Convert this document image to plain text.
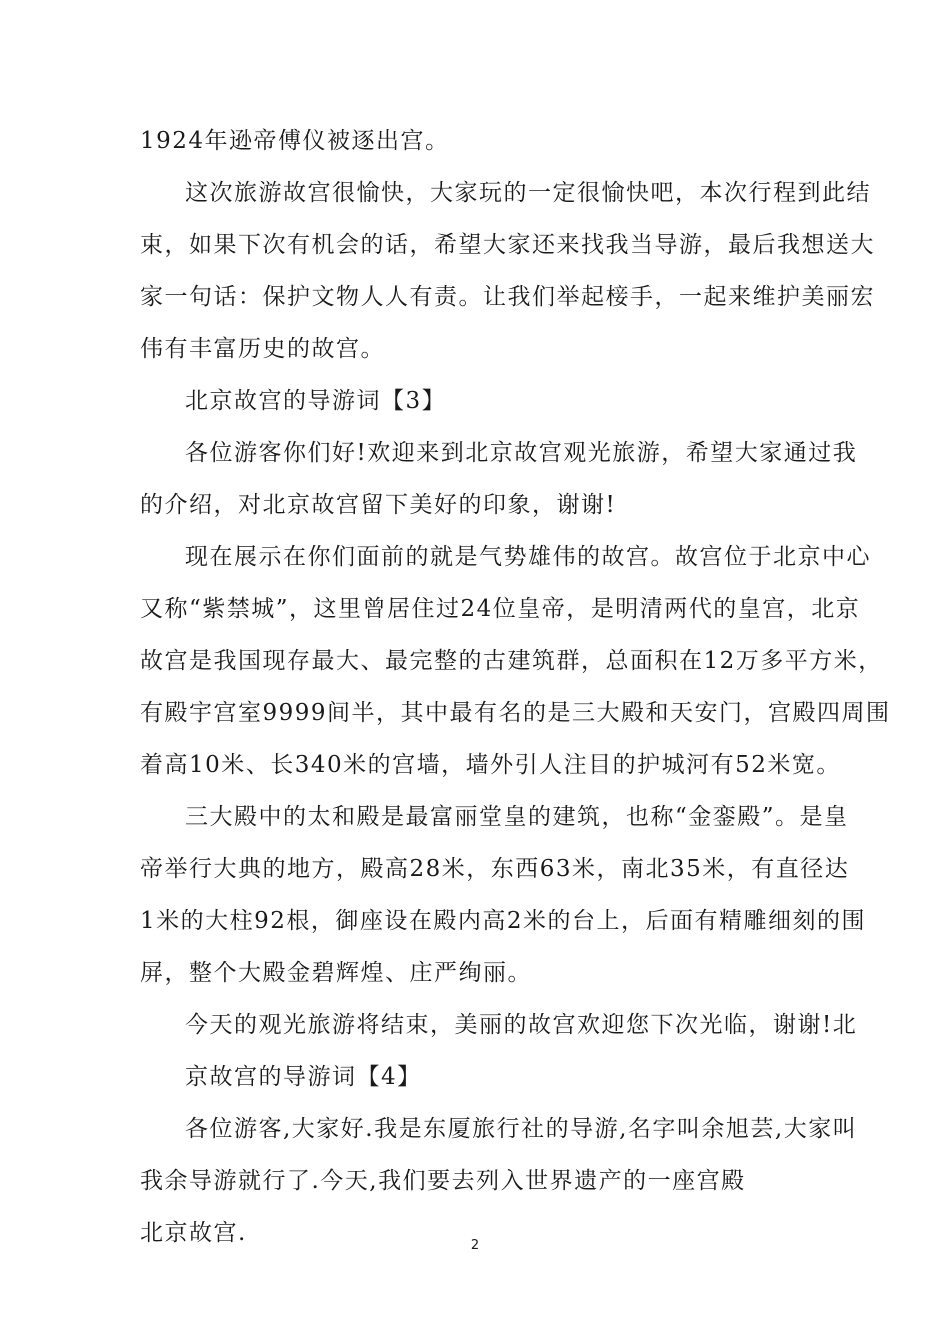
1924年逊帝傅仪被逐出宫。
这次旅游故宫很愉快，大家玩的一定很愉快吧，本次行程到此结
束，如果下次有机会的话，希望大家还来找我当导游，最后我想送大
家一句话：保护文物人人有责。让我们举起椄手，一起来维护美丽宏
伟有丰富历史的故宫。
北京故宫的导游词【3】
各位游客你们好!欢迎来到北京故宫观光旅游，希望大家通过我
的介绍，对北京故宫留下美好的印象，谢谢!
现在展示在你们面前的就是气势雄伟的故宫。故宫位于北京中心
又称“紫禁城”，这里曾居住过24位皇帝，是明清两代的皇宫，北京
故宫是我国现存最大、最完整的古建筑群，总面积在12万多平方米，
有殿宇宫室9999间半，其中最有名的是三大殿和天安门，宫殿四周围
着高10米、长340米的宫墙，墙外引人注目的护城河有52米宽。
三大殿中的太和殿是最富丽堂皇的建筑，也称“金銮殿”。是皇
帝举行大典的地方，殿高28米，东西63米，南北35米，有直径达
1米的大柱92根，御座设在殿内高2米的台上，后面有精雕细刻的围
屏，整个大殿金碧辉煌、庄严绚丽。
今天的观光旅游将结束，美丽的故宫欢迎您下次光临，谢谢!北
京故宫的导游词【4】
各位游客,大家好.我是东厦旅行社的导游,名字叫余旭芸,大家叫
我余导游就行了.今天,我们要去列入世界遗产的一座宫殿
北京故宫.	2
